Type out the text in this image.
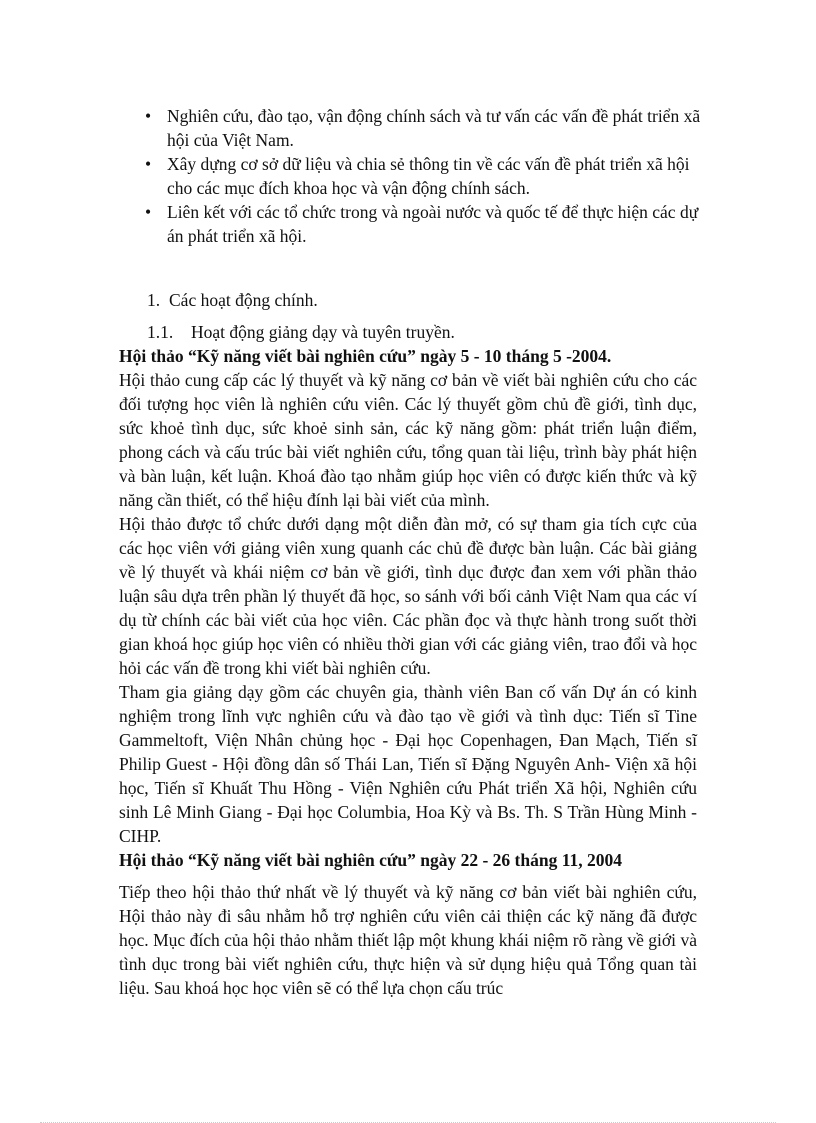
• Nghiên cứu, đào tạo, vận động chính sách và tư vấn các vấn đề phát triển xã hội của Việt Nam.
• Xây dựng cơ sở dữ liệu và chia sẻ thông tin về các vấn đề phát triển xã hội cho các mục đích khoa học và vận động chính sách.
• Liên kết với các tổ chức trong và ngoài nước và quốc tế để thực hiện các dự án phát triển xã hội.
1. Các hoạt động chính.
1.1. Hoạt động giảng dạy và tuyên truyền.

Hội thảo “Kỹ năng viết bài nghiên cứu” ngày 5 - 10 tháng 5 -2004.

Hội thảo cung cấp các lý thuyết và kỹ năng cơ bản về viết bài nghiên cứu cho các đối tượng học viên là nghiên cứu viên. Các lý thuyết gồm chủ đề giới, tình dục, sức khoẻ tình dục, sức khoẻ sinh sản, các kỹ năng gồm: phát triển luận điểm, phong cách và cấu trúc bài viết nghiên cứu, tổng quan tài liệu, trình bày phát hiện và bàn luận, kết luận. Khoá đào tạo nhằm giúp học viên có được kiến thức và kỹ năng cần thiết, có thể hiệu đính lại bài viết của mình.

Hội thảo được tổ chức dưới dạng một diễn đàn mở, có sự tham gia tích cực của các học viên với giảng viên xung quanh các chủ đề được bàn luận. Các bài giảng về lý thuyết và khái niệm cơ bản về giới, tình dục được đan xem với phần thảo luận sâu dựa trên phần lý thuyết đã học, so sánh với bối cảnh Việt Nam qua các ví dụ từ chính các bài viết của học viên. Các phần đọc và thực hành trong suốt thời gian khoá học giúp học viên có nhiều thời gian với các giảng viên, trao đổi và học hỏi các vấn đề trong khi viết bài nghiên cứu.

Tham gia giảng dạy gồm các chuyên gia, thành viên Ban cố vấn Dự án có kinh nghiệm trong lĩnh vực nghiên cứu và đào tạo về giới và tình dục: Tiến sĩ Tine Gammeltoft, Viện Nhân chủng học - Đại học Copenhagen, Đan Mạch, Tiến sĩ Philip Guest - Hội đồng dân số Thái Lan, Tiến sĩ Đặng Nguyên Anh- Viện xã hội học, Tiến sĩ Khuất Thu Hồng - Viện Nghiên cứu Phát triển Xã hội, Nghiên cứu sinh Lê Minh Giang - Đại học Columbia, Hoa Kỳ và Bs. Th. S Trần Hùng Minh - CIHP.

Hội thảo “Kỹ năng viết bài nghiên cứu” ngày 22 - 26 tháng 11, 2004

Tiếp theo hội thảo thứ nhất về lý thuyết và kỹ năng cơ bản viết bài nghiên cứu, Hội thảo này đi sâu nhằm hỗ trợ nghiên cứu viên cải thiện các kỹ năng đã được học. Mục đích của hội thảo nhằm thiết lập một khung khái niệm rõ ràng về giới và tình dục trong bài viết nghiên cứu, thực hiện và sử dụng hiệu quả Tổng quan tài liệu. Sau khoá học học viên sẽ có thể lựa chọn cấu trúc
